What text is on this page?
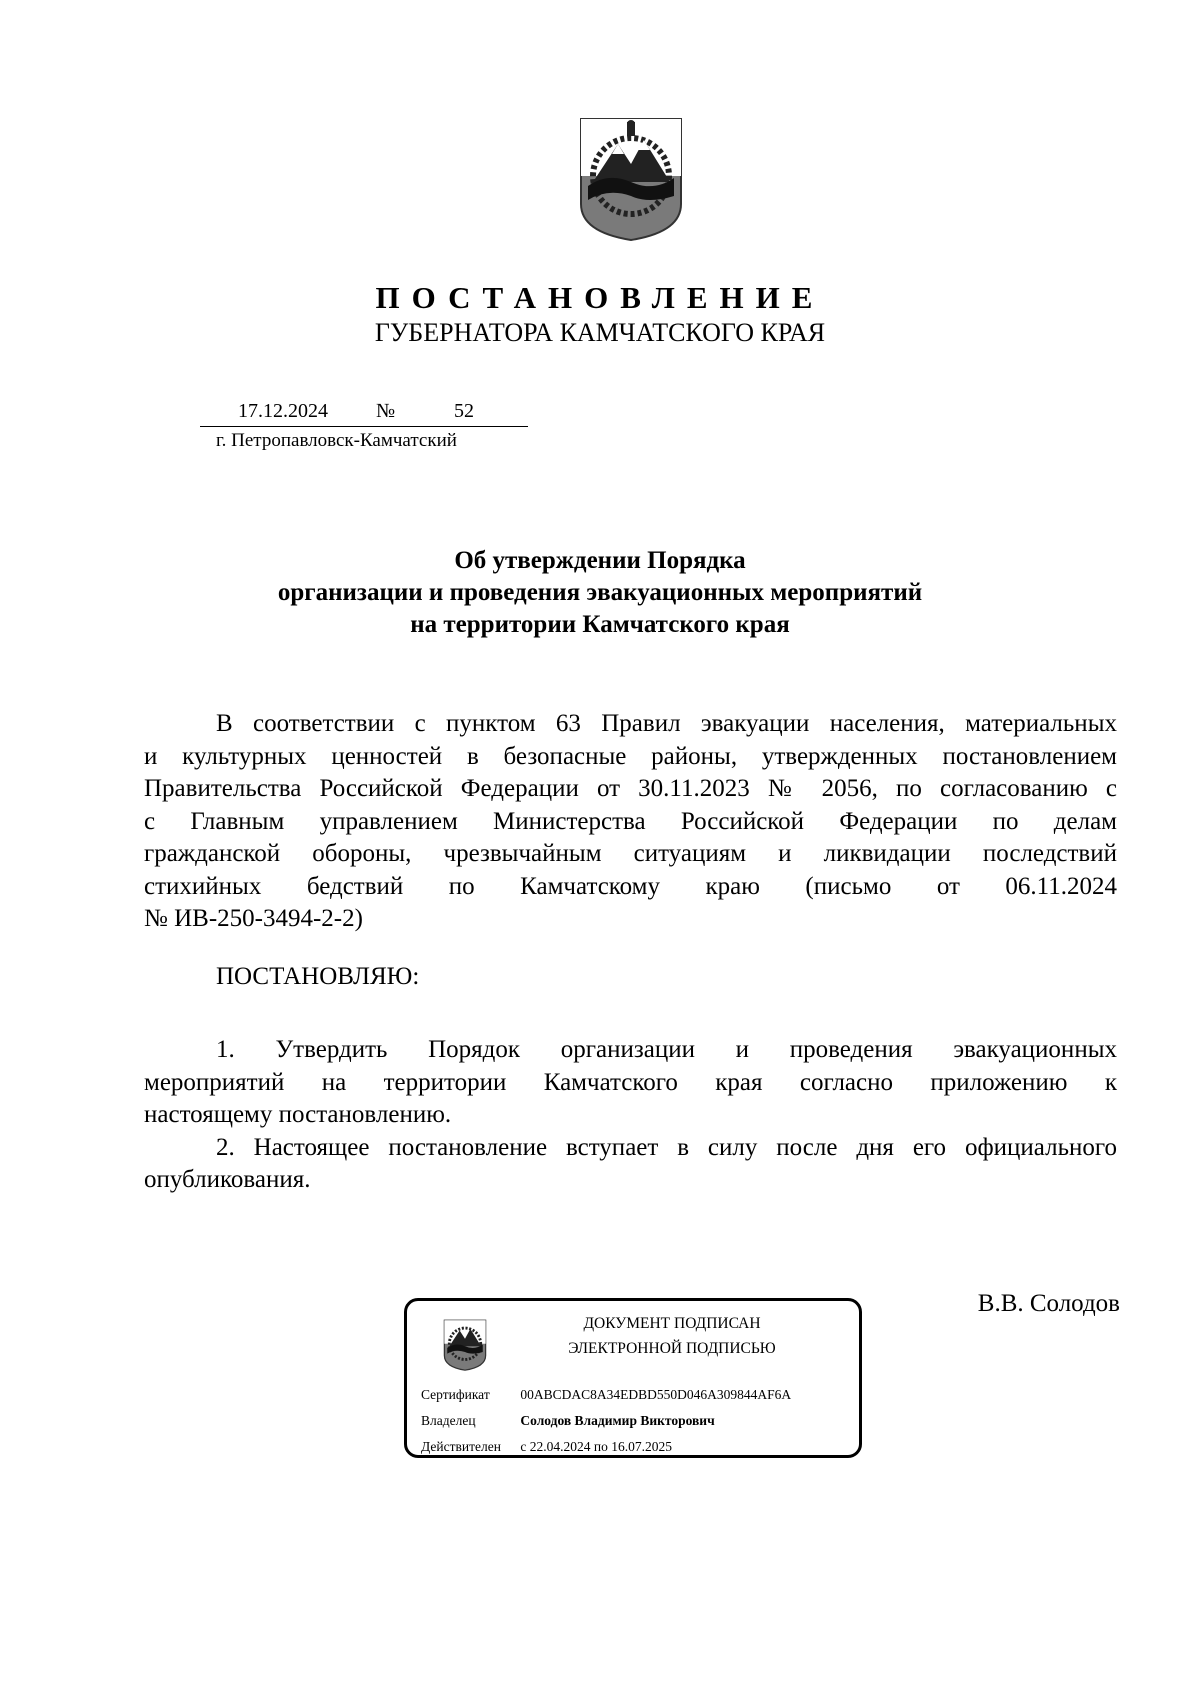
ПОСТАНОВЛЕНИЕ
ГУБЕРНАТОРА КАМЧАТСКОГО КРАЯ
17.12.2024 №	52
г. Петропавловск-Камчатский
Об утверждении Порядка
организации и проведения эвакуационных мероприятий
на территории Камчатского края
В соответствии с пунктом 63 Правил эвакуации населения, материальных
и культурных ценностей в безопасные районы, утвержденных постановлением
Правительства Российской Федерации от 30.11.2023 № 2056, по согласованию с
с Главным управлением Министерства Российской Федерации по делам
гражданской обороны, чрезвычайным ситуациям и ликвидации последствий
стихийных бедствий по Камчатскому краю (письмо от 06.11.2024
№ ИВ-250-3494-2-2)
ПОСТАНОВЛЯЮ:
1. Утвердить Порядок организации и проведения эвакуационных
мероприятий на территории Камчатского края согласно приложению к
настоящему постановлению.
2. Настоящее постановление вступает в силу после дня его официального
опубликования.
В.В. Солодов
ДОКУМЕНТ ПОДПИСАН
ЭЛЕКТРОННОЙ ПОДПИСЬЮ
Сертификат 00ABCDAC8A34EDBD550D046A309844AF6A
Владелец	Солодов Владимир Викторович
Действителен с 22.04.2024 по 16.07.2025
